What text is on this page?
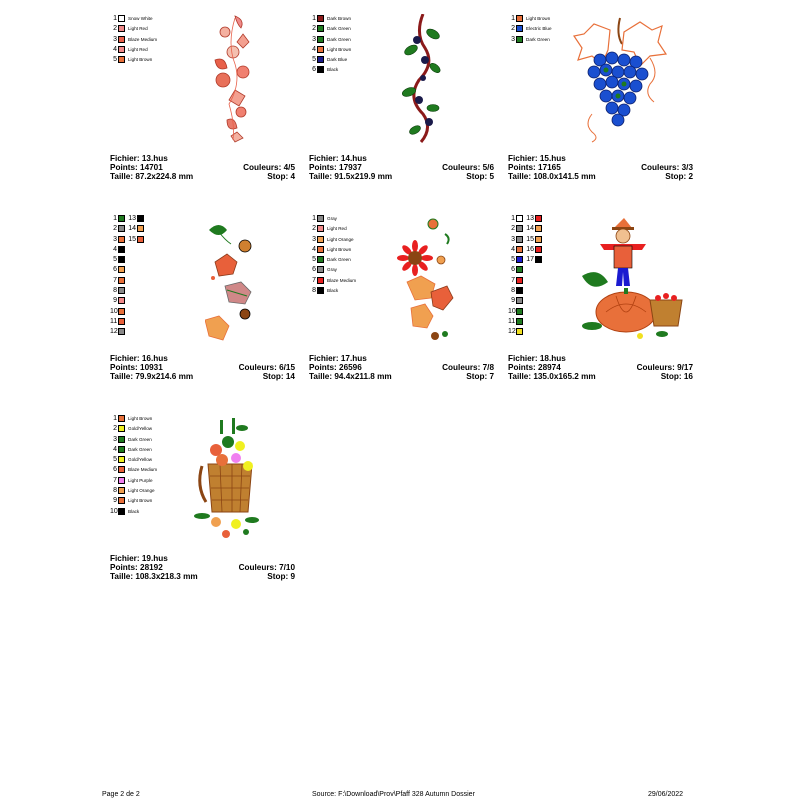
1 Snow White
2 Light Red
3 Blaze Medium
4 Light Red
5 Light Brown
Fichier: 13.hus
Points: 14701	Couleurs: 4/5
Taille: 87.2x224.8 mm	Stop: 4
1 Dark Brown
2 Dark Green
3 Dark Green
4 Light Brown
5 Dark Blue
6 Black
Fichier: 14.hus
Points: 17937	Couleurs: 5/6
Taille: 91.5x219.9 mm	Stop: 5
1 Light Brown
2 Electric Blue
3 Dark Green
Fichier: 15.hus
Points: 17165	Couleurs: 3/3
Taille: 108.0x141.5 mm	Stop: 2
1 13
2 14
3 15
4
5
6
7
8
9
10
11
12
Fichier: 16.hus
Points: 10931	Couleurs: 6/15
Taille: 79.9x214.6 mm	Stop: 14
1 Gray
2 Light Red
3 Light Orange
4 Light Brown
5 Dark Green
6 Gray
7 Blaze Medium
8 Black
Fichier: 17.hus
Points: 26596	Couleurs: 7/8
Taille: 94.4x211.8 mm	Stop: 7
1 13
2 14
3 15
4 16
5 17
6
7
8
9
10
11
12
Fichier: 18.hus
Points: 28974	Couleurs: 9/17
Taille: 135.0x165.2 mm	Stop: 16
1 Light Brown
2 Gold/Yellow
3 Dark Green
4 Dark Green
5 Gold/Yellow
6 Blaze Medium
7 Light Purple
8 Light Orange
9 Light Brown
10 Black
Fichier: 19.hus
Points: 28192	Couleurs: 7/10
Taille: 108.3x218.3 mm	Stop: 9
Page 2 de 2	Source: F:\Download\Prov\Pfaff 328 Autumn Dossier	29/06/2022
